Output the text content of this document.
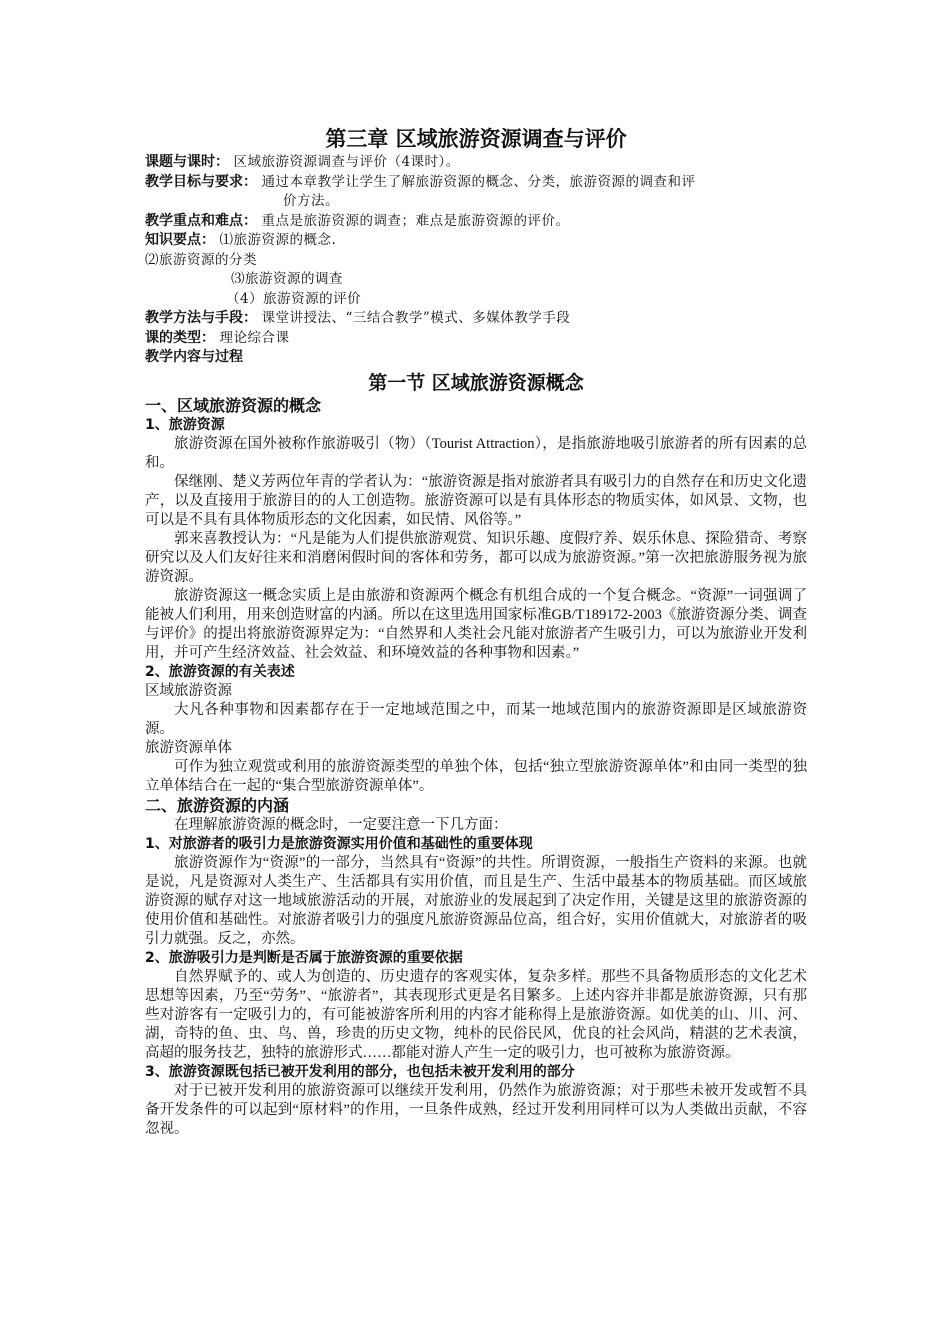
第三章 区域旅游资源调查与评价
课题与课时： 区域旅游资源调查与评价（4课时）。
教学目标与要求： 通过本章教学让学生了解旅游资源的概念、分类，旅游资源的调查和评
价方法。
教学重点和难点： 重点是旅游资源的调查；难点是旅游资源的评价。
知识要点： ⑴旅游资源的概念.
⑵旅游资源的分类
⑶旅游资源的调查
（4）旅游资源的评价
教学方法与手段： 课堂讲授法、“三结合教学”模式、多媒体教学手段
课的类型： 理论综合课
教学内容与过程
第一节 区域旅游资源概念
一、区域旅游资源的概念
1、旅游资源
旅游资源在国外被称作旅游吸引（物）（Tourist Attraction），是指旅游地吸引旅游者的所有因素的总和。
保继刚、楚义芳两位年青的学者认为：“旅游资源是指对旅游者具有吸引力的自然存在和历史文化遗产，以及直接用于旅游目的的人工创造物。旅游资源可以是有具体形态的物质实体，如风景、文物，也可以是不具有具体物质形态的文化因素，如民情、风俗等。”
郭来喜教授认为：“凡是能为人们提供旅游观赏、知识乐趣、度假疗养、娱乐休息、探险猎奇、考察研究以及人们友好往来和消磨闲假时间的客体和劳务，都可以成为旅游资源。”第一次把旅游服务视为旅游资源。
旅游资源这一概念实质上是由旅游和资源两个概念有机组合成的一个复合概念。“资源”一词强调了能被人们利用，用来创造财富的内涵。所以在这里选用国家标准GB/T189172-2003《旅游资源分类、调查与评价》的提出将旅游资源界定为：“自然界和人类社会凡能对旅游者产生吸引力，可以为旅游业开发利用，并可产生经济效益、社会效益、和环境效益的各种事物和因素。”
2、旅游资源的有关表述
区域旅游资源
大凡各种事物和因素都存在于一定地域范围之中，而某一地域范围内的旅游资源即是区域旅游资源。
旅游资源单体
可作为独立观赏或利用的旅游资源类型的单独个体，包括“独立型旅游资源单体”和由同一类型的独立单体结合在一起的“集合型旅游资源单体”。
二、旅游资源的内涵
在理解旅游资源的概念时，一定要注意一下几方面：
1、对旅游者的吸引力是旅游资源实用价值和基础性的重要体现
旅游资源作为“资源”的一部分，当然具有“资源”的共性。所谓资源，一般指生产资料的来源。也就是说，凡是资源对人类生产、生活都具有实用价值，而且是生产、生活中最基本的物质基础。而区域旅游资源的赋存对这一地域旅游活动的开展，对旅游业的发展起到了决定作用，关键是这里的旅游资源的使用价值和基础性。对旅游者吸引力的强度凡旅游资源品位高，组合好，实用价值就大，对旅游者的吸引力就强。反之，亦然。
2、旅游吸引力是判断是否属于旅游资源的重要依据
自然界赋予的、或人为创造的、历史遗存的客观实体，复杂多样。那些不具备物质形态的文化艺术思想等因素，乃至“劳务”、“旅游者”，其表现形式更是名目繁多。上述内容并非都是旅游资源，只有那些对游客有一定吸引力的，有可能被游客所利用的内容才能称得上是旅游资源。如优美的山、川、河、湖，奇特的鱼、虫、鸟、兽，珍贵的历史文物，纯朴的民俗民风，优良的社会风尚，精湛的艺术表演，高超的服务技艺，独特的旅游形式……都能对游人产生一定的吸引力，也可被称为旅游资源。
3、旅游资源既包括已被开发利用的部分，也包括未被开发利用的部分
对于已被开发利用的旅游资源可以继续开发利用，仍然作为旅游资源；对于那些未被开发或暂不具备开发条件的可以起到“原材料”的作用，一旦条件成熟，经过开发利用同样可以为人类做出贡献，不容忽视。
